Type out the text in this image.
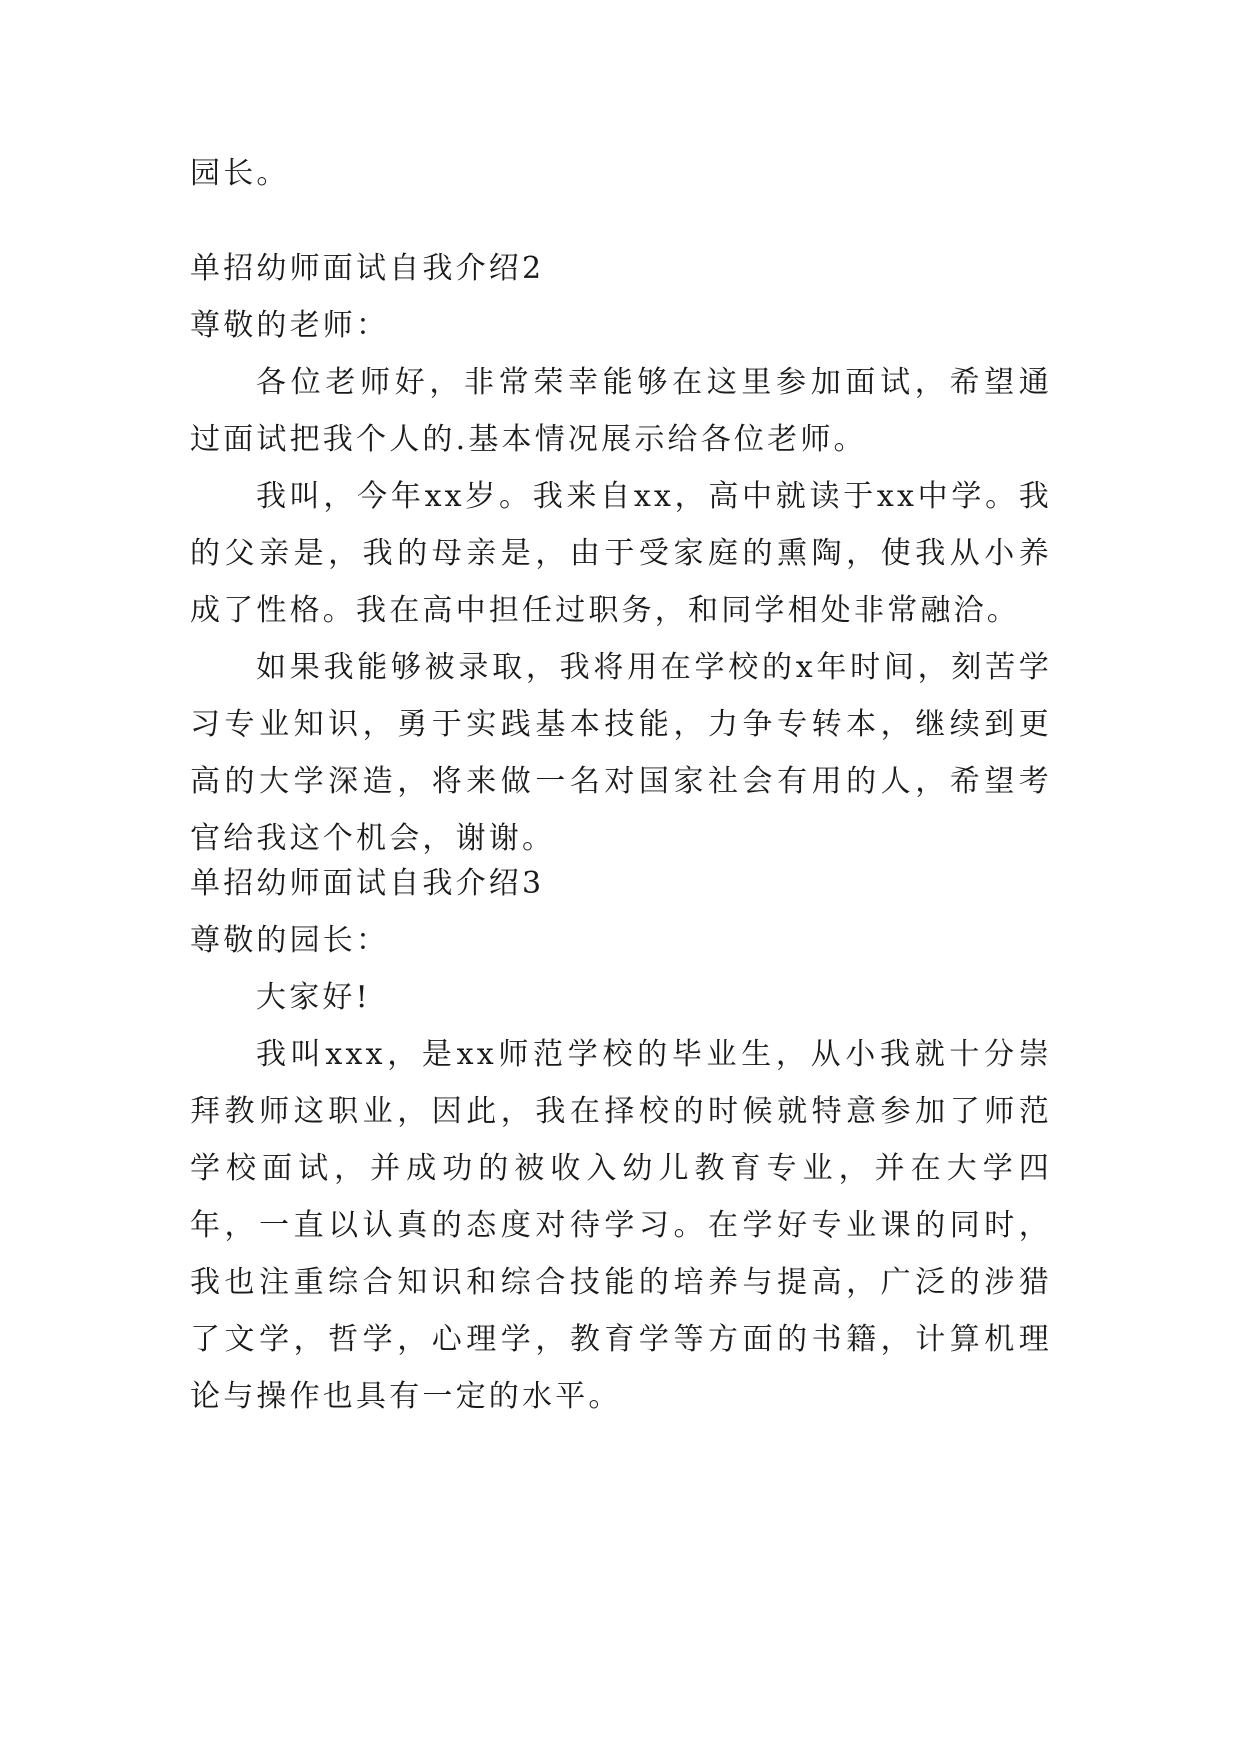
园长。
单招幼师面试自我介绍2
尊敬的老师：

各位老师好，非常荣幸能够在这里参加面试，希望通过面试把我个人的.基本情况展示给各位老师。

我叫，今年xx岁。我来自xx，高中就读于xx中学。我的父亲是，我的母亲是，由于受家庭的熏陶，使我从小养成了性格。我在高中担任过职务，和同学相处非常融洽。

如果我能够被录取，我将用在学校的x年时间，刻苦学习专业知识，勇于实践基本技能，力争专转本，继续到更高的大学深造，将来做一名对国家社会有用的人，希望考官给我这个机会，谢谢。

单招幼师面试自我介绍3
尊敬的园长：

大家好!

我叫xxx，是xx师范学校的毕业生，从小我就十分崇拜教师这职业，因此，我在择校的时候就特意参加了师范学校面试，并成功的被收入幼儿教育专业，并在大学四年，一直以认真的态度对待学习。在学好专业课的同时，我也注重综合知识和综合技能的培养与提高，广泛的涉猎了文学，哲学，心理学，教育学等方面的书籍，计算机理论与操作也具有一定的水平。
